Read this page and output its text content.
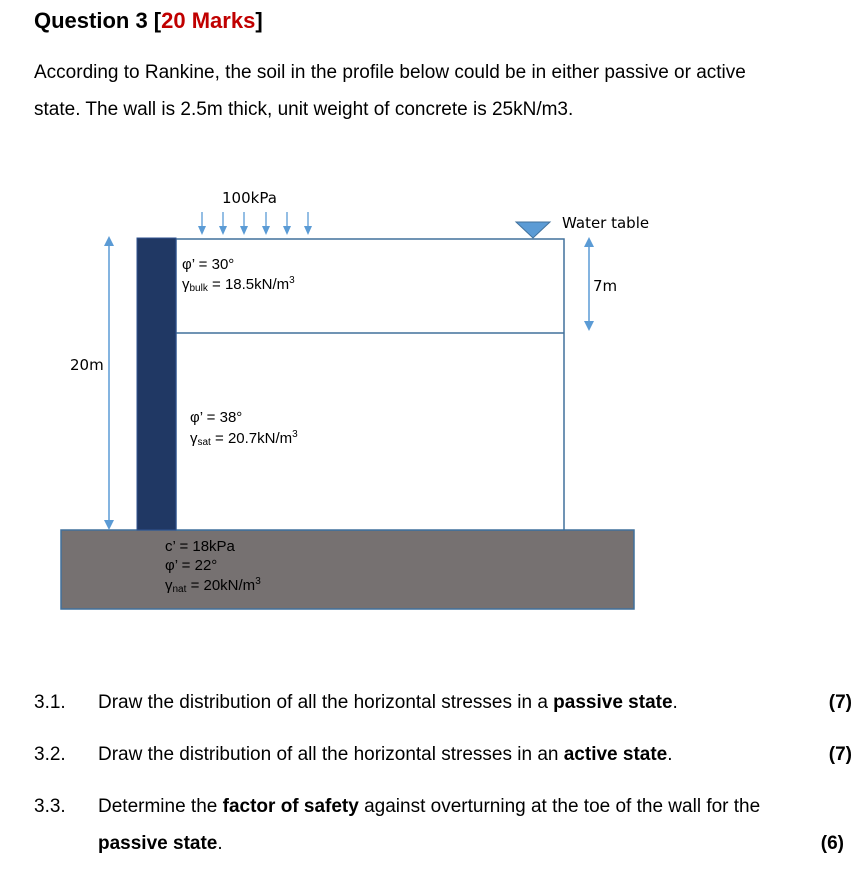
Question 3 [20 Marks]
According to Rankine, the soil in the profile below could be in either passive or active
state. The wall is 2.5m thick, unit weight of concrete is 25kN/m3.
20m
100kPa
Water table
7m
φ’ = 30°
γbulk = $18.5kN/m^3$
φ’ = 38°
$\gamma sat = 20.7kN/m^3$
c’ = 18kPa
φ’ = 22°
$\gamma nat = 20kN/m^3$
3.1. Draw the distribution of all the horizontal stresses in a passive state.	(7)
3.2. Draw the distribution of all the horizontal stresses in an active state.	(7)
3.3. Determine the factor of safety against overturning at the toe of the wall for the
passive state.	(6)
